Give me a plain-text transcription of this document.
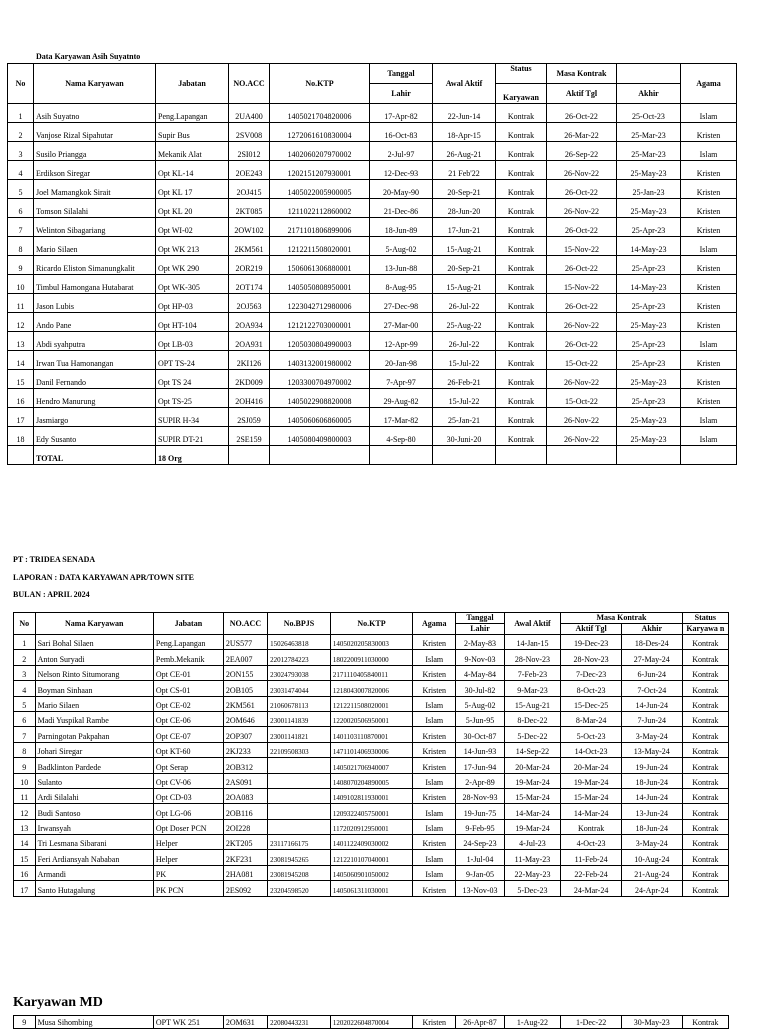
Data Karyawan Asih Suyatnto
No	Nama Karyawan	Jabatan	NO.ACC	No.KTP	Tanggal	Awal Aktif	Status	Masa Kontrak		Agama
					Lahir		Karyawan	Aktif Tgl	Akhir	
1	Asih Suyatno	Peng.Lapangan	2UA400	1405021704820006	17-Apr-82	22-Jun-14	Kontrak	26-Oct-22	25-Oct-23	Islam
2	Vanjose Rizal Sipahutar	Supir Bus	2SV008	1272061610830004	16-Oct-83	18-Apr-15	Kontrak	26-Mar-22	25-Mar-23	Kristen
3	Susilo Priangga	Mekanik Alat	2SI012	1402060207970002	2-Jul-97	26-Aug-21	Kontrak	26-Sep-22	25-Mar-23	Islam
4	Erdikson Siregar	Opt KL-14	2OE243	1202151207930001	12-Dec-93	21 Feb'22	Kontrak	26-Nov-22	25-May-23	Kristen
5	Joel Mamangkok Sirait	Opt KL 17	2OJ415	1405022005900005	20-May-90	20-Sep-21	Kontrak	26-Oct-22	25-Jan-23	Kristen
6	Tomson Silalahi	Opt KL 20	2KT085	1211022112860002	21-Dec-86	28-Jun-20	Kontrak	26-Nov-22	25-May-23	Kristen
7	Welinton Sibagariang	Opt WI-02	2OW102	2171101806899006	18-Jun-89	17-Jun-21	Kontrak	26-Oct-22	25-Apr-23	Kristen
8	Mario Silaen	Opt WK 213	2KM561	1212211508020001	5-Aug-02	15-Aug-21	Kontrak	15-Nov-22	14-May-23	Islam
9	Ricardo Eliston Simanungkalit	Opt WK 290	2OR219	1506061306880001	13-Jun-88	20-Sep-21	Kontrak	26-Oct-22	25-Apr-23	Kristen
10	Timbul Hamongana Hutabarat	Opt WK-305	2OT174	1405050808950001	8-Aug-95	15-Aug-21	Kontrak	15-Nov-22	14-May-23	Kristen
11	Jason Lubis	Opt HP-03	2OJ563	1223042712980006	27-Dec-98	26-Jul-22	Kontrak	26-Oct-22	25-Apr-23	Kristen
12	Ando Pane	Opt HT-104	2OA934	1212122703000001	27-Mar-00	25-Aug-22	Kontrak	26-Nov-22	25-May-23	Kristen
13	Abdi syahputra	Opt LB-03	2OA931	1205030804990003	12-Apr-99	26-Jul-22	Kontrak	26-Oct-22	25-Apr-23	Islam
14	Irwan Tua Hamonangan	OPT TS-24	2KI126	1403132001980002	20-Jan-98	15-Jul-22	Kontrak	15-Oct-22	25-Apr-23	Kristen
15	Danil Fernando	Opt TS 24	2KD009	1203300704970002	7-Apr-97	26-Feb-21	Kontrak	26-Nov-22	25-May-23	Kristen
16	Hendro Manurung	Opt TS-25	2OH416	1405022908820008	29-Aug-82	15-Jul-22	Kontrak	15-Oct-22	25-Apr-23	Kristen
17	Jasmiargo	SUPIR H-34	2SJ059	1405060606860005	17-Mar-82	25-Jan-21	Kontrak	26-Nov-22	25-May-23	Islam
18	Edy Susanto	SUPIR DT-21	2SE159	1405080409800003	4-Sep-80	30-Juni-20	Kontrak	26-Nov-22	25-May-23	Islam
	TOTAL	18 Org								
PT : TRIDEA SENADA
LAPORAN : DATA KARYAWAN APR/TOWN SITE
BULAN : APRIL 2024
No	Nama Karyawan	Jabatan	NO.ACC	No.BPJS	No.KTP	Agama	Tanggal	Awal Aktif	Masa Kontrak		Status
							Lahir		Aktif Tgl	Akhir	Karyawa n
1	Sari Bohal Silaen	Peng.Lapangan	2US577	15026463818	1405020205830003	Kristen	2-May-83	14-Jan-15	19-Dec-23	18-Des-24	Kontrak
2	Anton Suryadi	Pemb.Mekanik	2EA007	22012784223	1802200911030000	Islam	9-Nov-03	28-Nov-23	28-Nov-23	27-May-24	Kontrak
3	Nelson Rinto Situmorang	Opt CE-01	2ON155	23024793038	2171110405840011	Kristen	4-May-84	7-Feb-23	7-Dec-23	6-Jun-24	Kontrak
4	Boyman Sinhaan	Opt CS-01	2OB105	23031474044	1218043007820006	Kristen	30-Jul-82	9-Mar-23	8-Oct-23	7-Oct-24	Kontrak
5	Mario Silaen	Opt CE-02	2KM561	21060678113	1212211508020001	Islam	5-Aug-02	15-Aug-21	15-Dec-25	14-Jun-24	Kontrak
6	Madi Yuspikal Rambe	Opt CE-06	2OM646	23001141839	1220020506950001	Islam	5-Jun-95	8-Dec-22	8-Mar-24	7-Jun-24	Kontrak
7	Parningotan Pakpahan	Opt CE-07	2OP307	23001141821	1401103110870001	Kristen	30-Oct-87	5-Dec-22	5-Oct-23	3-May-24	Kontrak
8	Johari Siregar	Opt KT-60	2KJ233	22109508303	1471101406930006	Kristen	14-Jun-93	14-Sep-22	14-Oct-23	13-May-24	Kontrak
9	Badklinton Pardede	Opt Serap	2OB312		1405021706940007	Kristen	17-Jun-94	20-Mar-24	20-Mar-24	19-Jun-24	Kontrak
10	Sulanto	Opt CV-06	2AS091		1408070204890005	Islam	2-Apr-89	19-Mar-24	19-Mar-24	18-Jun-24	Kontrak
11	Ardi Silalahi	Opt CD-03	2OA083		1409102811930001	Kristen	28-Nov-93	15-Mar-24	15-Mar-24	14-Jun-24	Kontrak
12	Budi Santoso	Opt LG-06	2OB116		1209322405750001	Islam	19-Jun-75	14-Mar-24	14-Mar-24	13-Jun-24	Kontrak
13	Irwansyah	Opt Doser PCN	2OI228		1172020912950001	Islam	9-Feb-95	19-Mar-24	Kontrak	18-Jun-24	Kontrak
14	Tri Lesmana Sibarani	Helper	2KT205	23117166175	1401122409030002	Kristen	24-Sep-23	4-Jul-23	4-Oct-23	3-May-24	Kontrak
15	Feri Ardiansyah Nababan	Helper	2KF231	23081945265	1212210107040001	Islam	1-Jul-04	11-May-23	11-Feb-24	10-Aug-24	Kontrak
16	Armandi	PK	2HA081	23081945208	1405060901050002	Islam	9-Jan-05	22-May-23	22-Feb-24	21-Aug-24	Kontrak
17	Santo Hutagalung	PK PCN	2ES092	23204598520	1405061311030001	Kristen	13-Nov-03	5-Dec-23	24-Mar-24	24-Apr-24	Kontrak
Karyawan MD
9	Musa Sihombing	OPT WK 251	2OM631	22080443231	1202022604870004	Kristen	26-Apr-87	1-Aug-22	1-Dec-22	30-May-23	Kontrak
